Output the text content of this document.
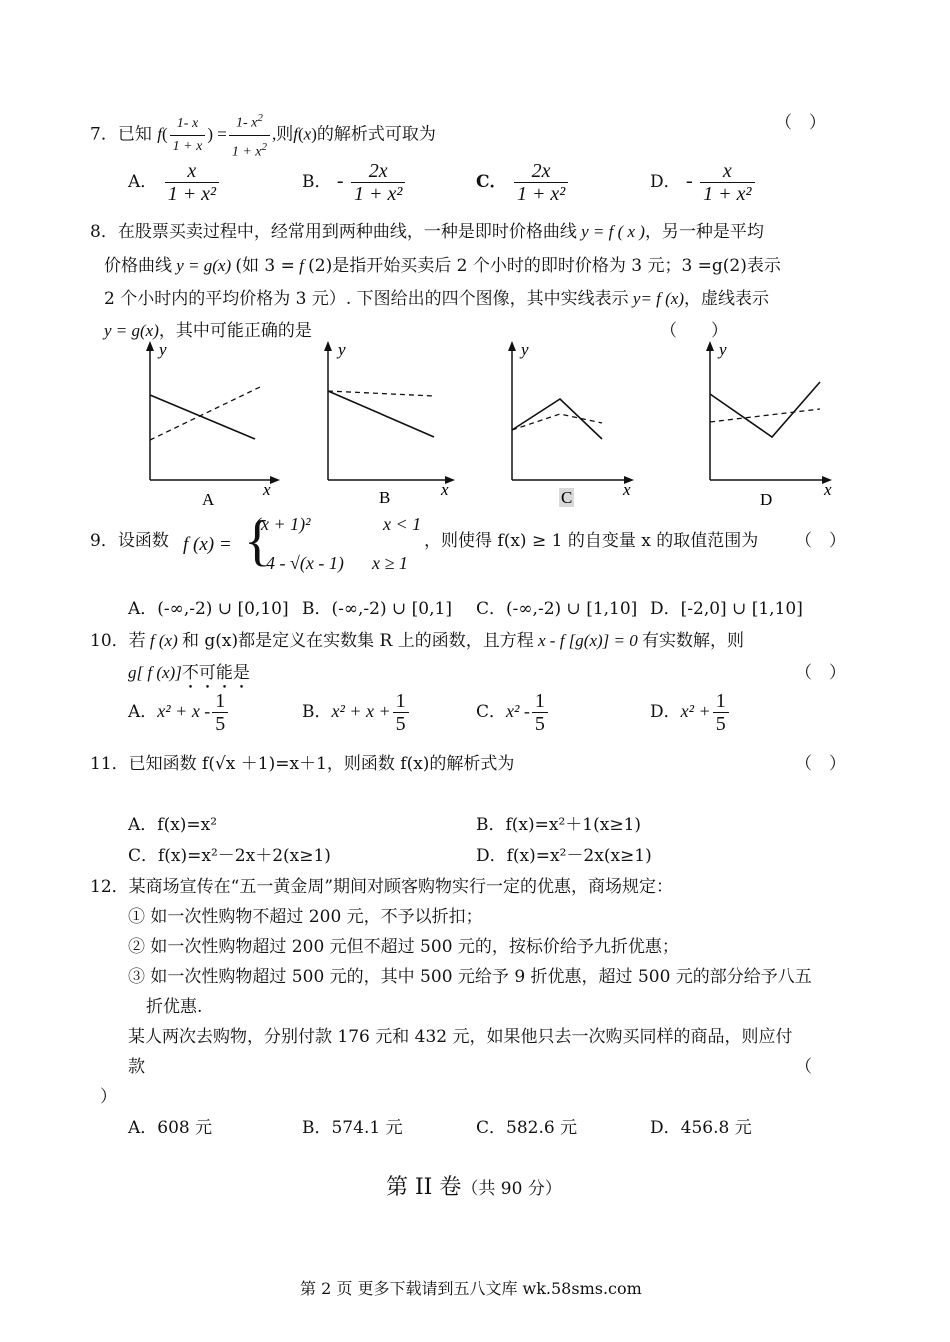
7．已知 $f( \frac{1- x}{1 + x}$ ) = $\frac{1- x^2}{1 + x^2}$ ,则f(x)的解析式可取为
（　）
A． $\frac{x}{\text{1 + x²}}$	B． - $\frac{2x}{\text{1 + x²}}$	C． $\frac{2x}{\text{1 + x²}}$	D． - $\frac{x}{\text{1 + x²}}$
8．在股票买卖过程中，经常用到两种曲线，一种是即时价格曲线 y = f ( x )，另一种是平均
价格曲线 y = g(x) (如 3 = f (2)是指开始买卖后 2 个小时的即时价格为 3 元；3 =g(2)表示
2 个小时内的平均价格为 3 元）. 下图给出的四个图像，其中实线表示 y= f (x)，虚线表示
y = g(x)，其中可能正确的是	（　　）
y
x
A
y
x
B
y
x
C
y
x
D
9．设函数 f (x) = {
(x + 1)²	x < 1
4 - √(x - 1) x ≥ 1
，则使得 f(x) ≥ 1 的自变量 x 的取值范围为 （　）
A．(-∞,-2) ∪ [0,10] B．(-∞,-2) ∪ [0,1] C．(-∞,-2) ∪ [1,10] D．[-2,0] ∪ [1,10]
10．若 f (x) 和 g(x)都是定义在实数集 R 上的函数，且方程 x - f [g(x)] = 0 有实数解，则
g[ f (x)]不可能是	（　）
A．$x^2 + x - \frac{1}{5}$	B．$x^2 + x + \frac{1}{5}$	C．$x^2 - \frac{1}{5}$	D．$x^2 + \frac{1}{5}$
11．已知函数 f(√x ＋1)=x＋1，则函数 f(x)的解析式为	（　）
A．f(x)=x²	B．f(x)=x²＋1(x≥1)
C．f(x)=x²－2x＋2(x≥1)	D．f(x)=x²－2x(x≥1)
12．某商场宣传在“五一黄金周”期间对顾客购物实行一定的优惠，商场规定：
① 如一次性购物不超过 200 元，不予以折扣；
② 如一次性购物超过 200 元但不超过 500 元的，按标价给予九折优惠；
③ 如一次性购物超过 500 元的，其中 500 元给予 9 折优惠，超过 500 元的部分给予八五
折优惠.
某人两次去购物，分别付款 176 元和 432 元，如果他只去一次购买同样的商品，则应付
款	（
）
A．608 元	B．574.1 元	C．582.6 元	D．456.8 元
第 II 卷（共 90 分）
第 2 页 更多下载请到五八文库 wk.58sms.com
